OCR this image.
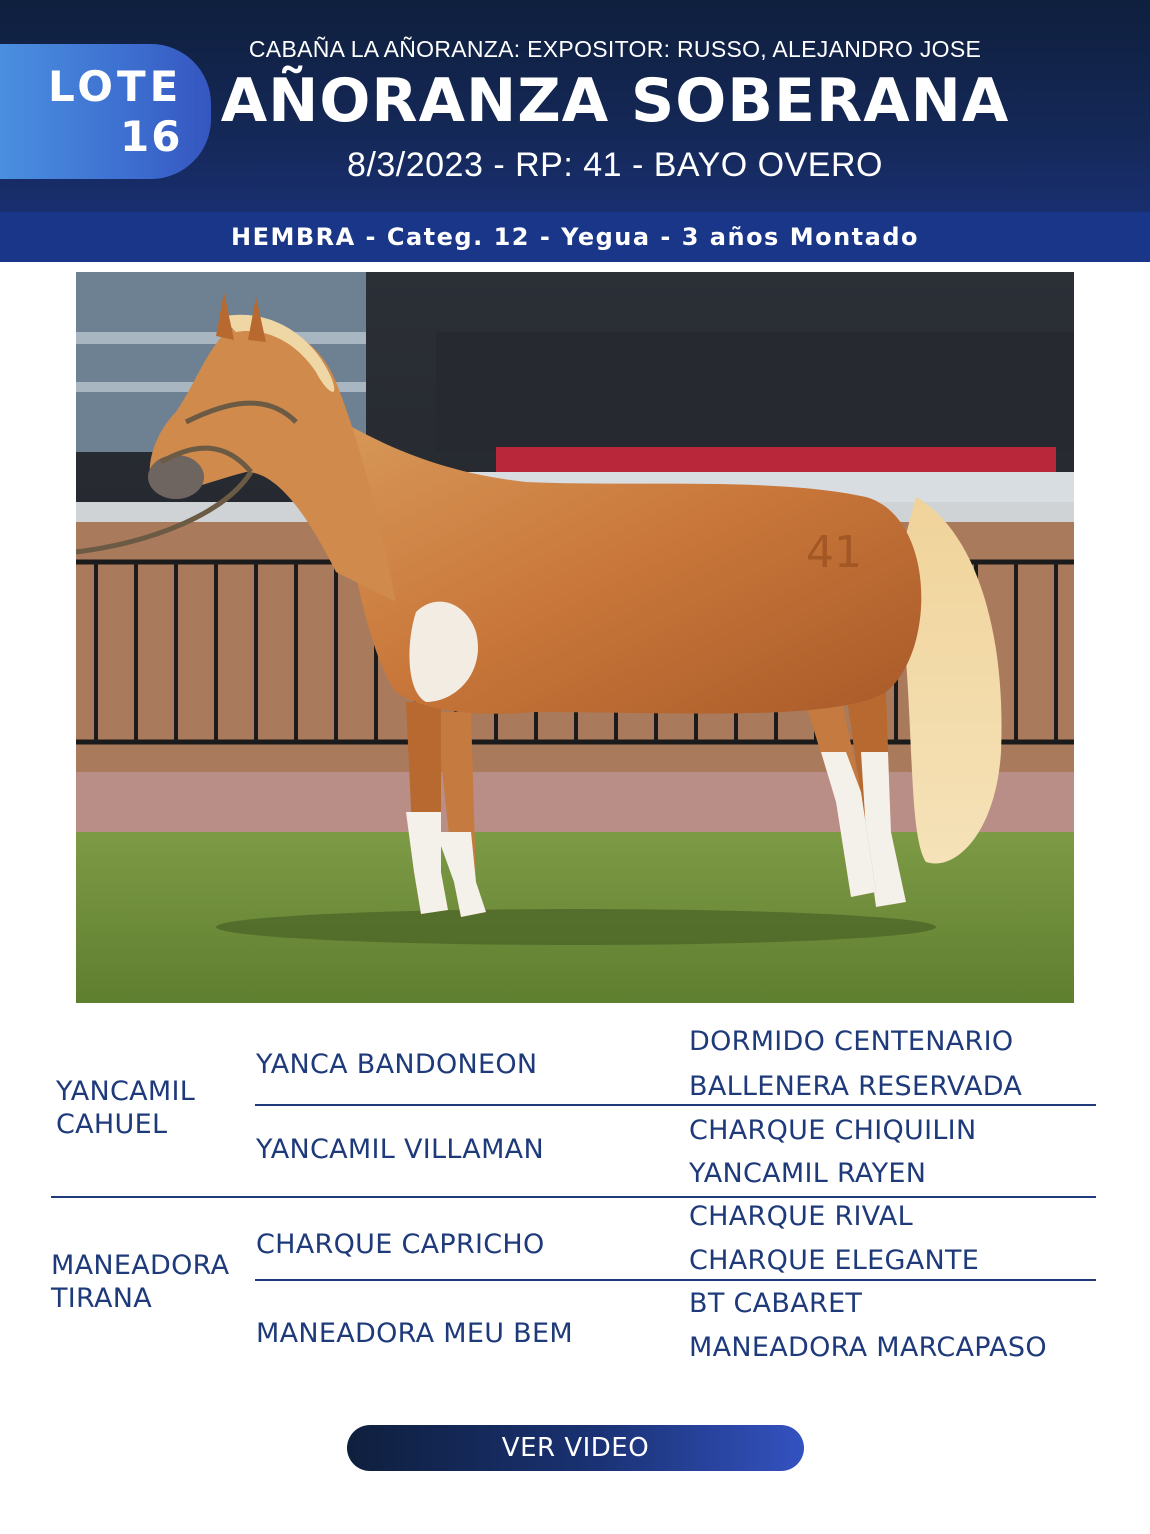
LOTE
16
CABAÑA LA AÑORANZA: EXPOSITOR: RUSSO, ALEJANDRO JOSE
AÑORANZA SOBERANA
8/3/2023 - RP: 41 - BAYO OVERO
HEMBRA - Categ. 12 - Yegua - 3 años Montado
41
YANCAMIL
CAHUEL
YANCA BANDONEON
YANCAMIL VILLAMAN
DORMIDO CENTENARIO
BALLENERA RESERVADA
CHARQUE CHIQUILIN
YANCAMIL RAYEN
MANEADORA
TIRANA
CHARQUE CAPRICHO
MANEADORA MEU BEM
CHARQUE RIVAL
CHARQUE ELEGANTE
BT CABARET
MANEADORA MARCAPASO
VER VIDEO
